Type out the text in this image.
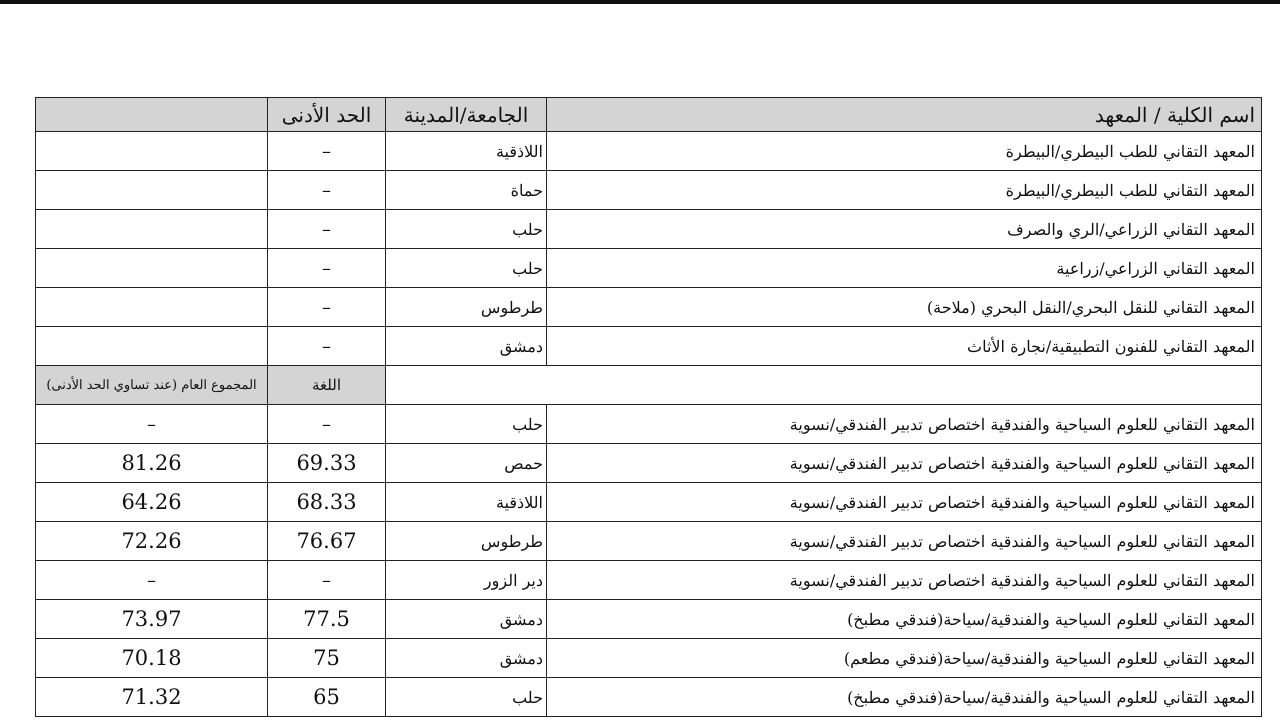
	الحد الأدنى	الجامعة/المدينة	اسم الكلية / المعهد
	–	اللاذقية	المعهد التقاني للطب البيطري/البيطرة
	–	حماة	المعهد التقاني للطب البيطري/البيطرة
	–	حلب	المعهد التقاني الزراعي/الري والصرف
	–	حلب	المعهد التقاني الزراعي/زراعية
	–	طرطوس	المعهد التقاني للنقل البحري/النقل البحري (ملاحة)
	–	دمشق	المعهد التقاني للفنون التطبيقية/نجارة الأثاث
المجموع العام (عند تساوي الحد الأدنى)	اللغة		
–	–	حلب	المعهد التقاني للعلوم السياحية والفندقية اختصاص تدبير الفندقي/نسوية
81.26	69.33	حمص	المعهد التقاني للعلوم السياحية والفندقية اختصاص تدبير الفندقي/نسوية
64.26	68.33	اللاذقية	المعهد التقاني للعلوم السياحية والفندقية اختصاص تدبير الفندقي/نسوية
72.26	76.67	طرطوس	المعهد التقاني للعلوم السياحية والفندقية اختصاص تدبير الفندقي/نسوية
–	–	دير الزور	المعهد التقاني للعلوم السياحية والفندقية اختصاص تدبير الفندقي/نسوية
73.97	77.5	دمشق	المعهد التقاني للعلوم السياحية والفندقية/سياحة(فندقي مطبخ)
70.18	75	دمشق	المعهد التقاني للعلوم السياحية والفندقية/سياحة(فندقي مطعم)
71.32	65	حلب	المعهد التقاني للعلوم السياحية والفندقية/سياحة(فندقي مطبخ)
